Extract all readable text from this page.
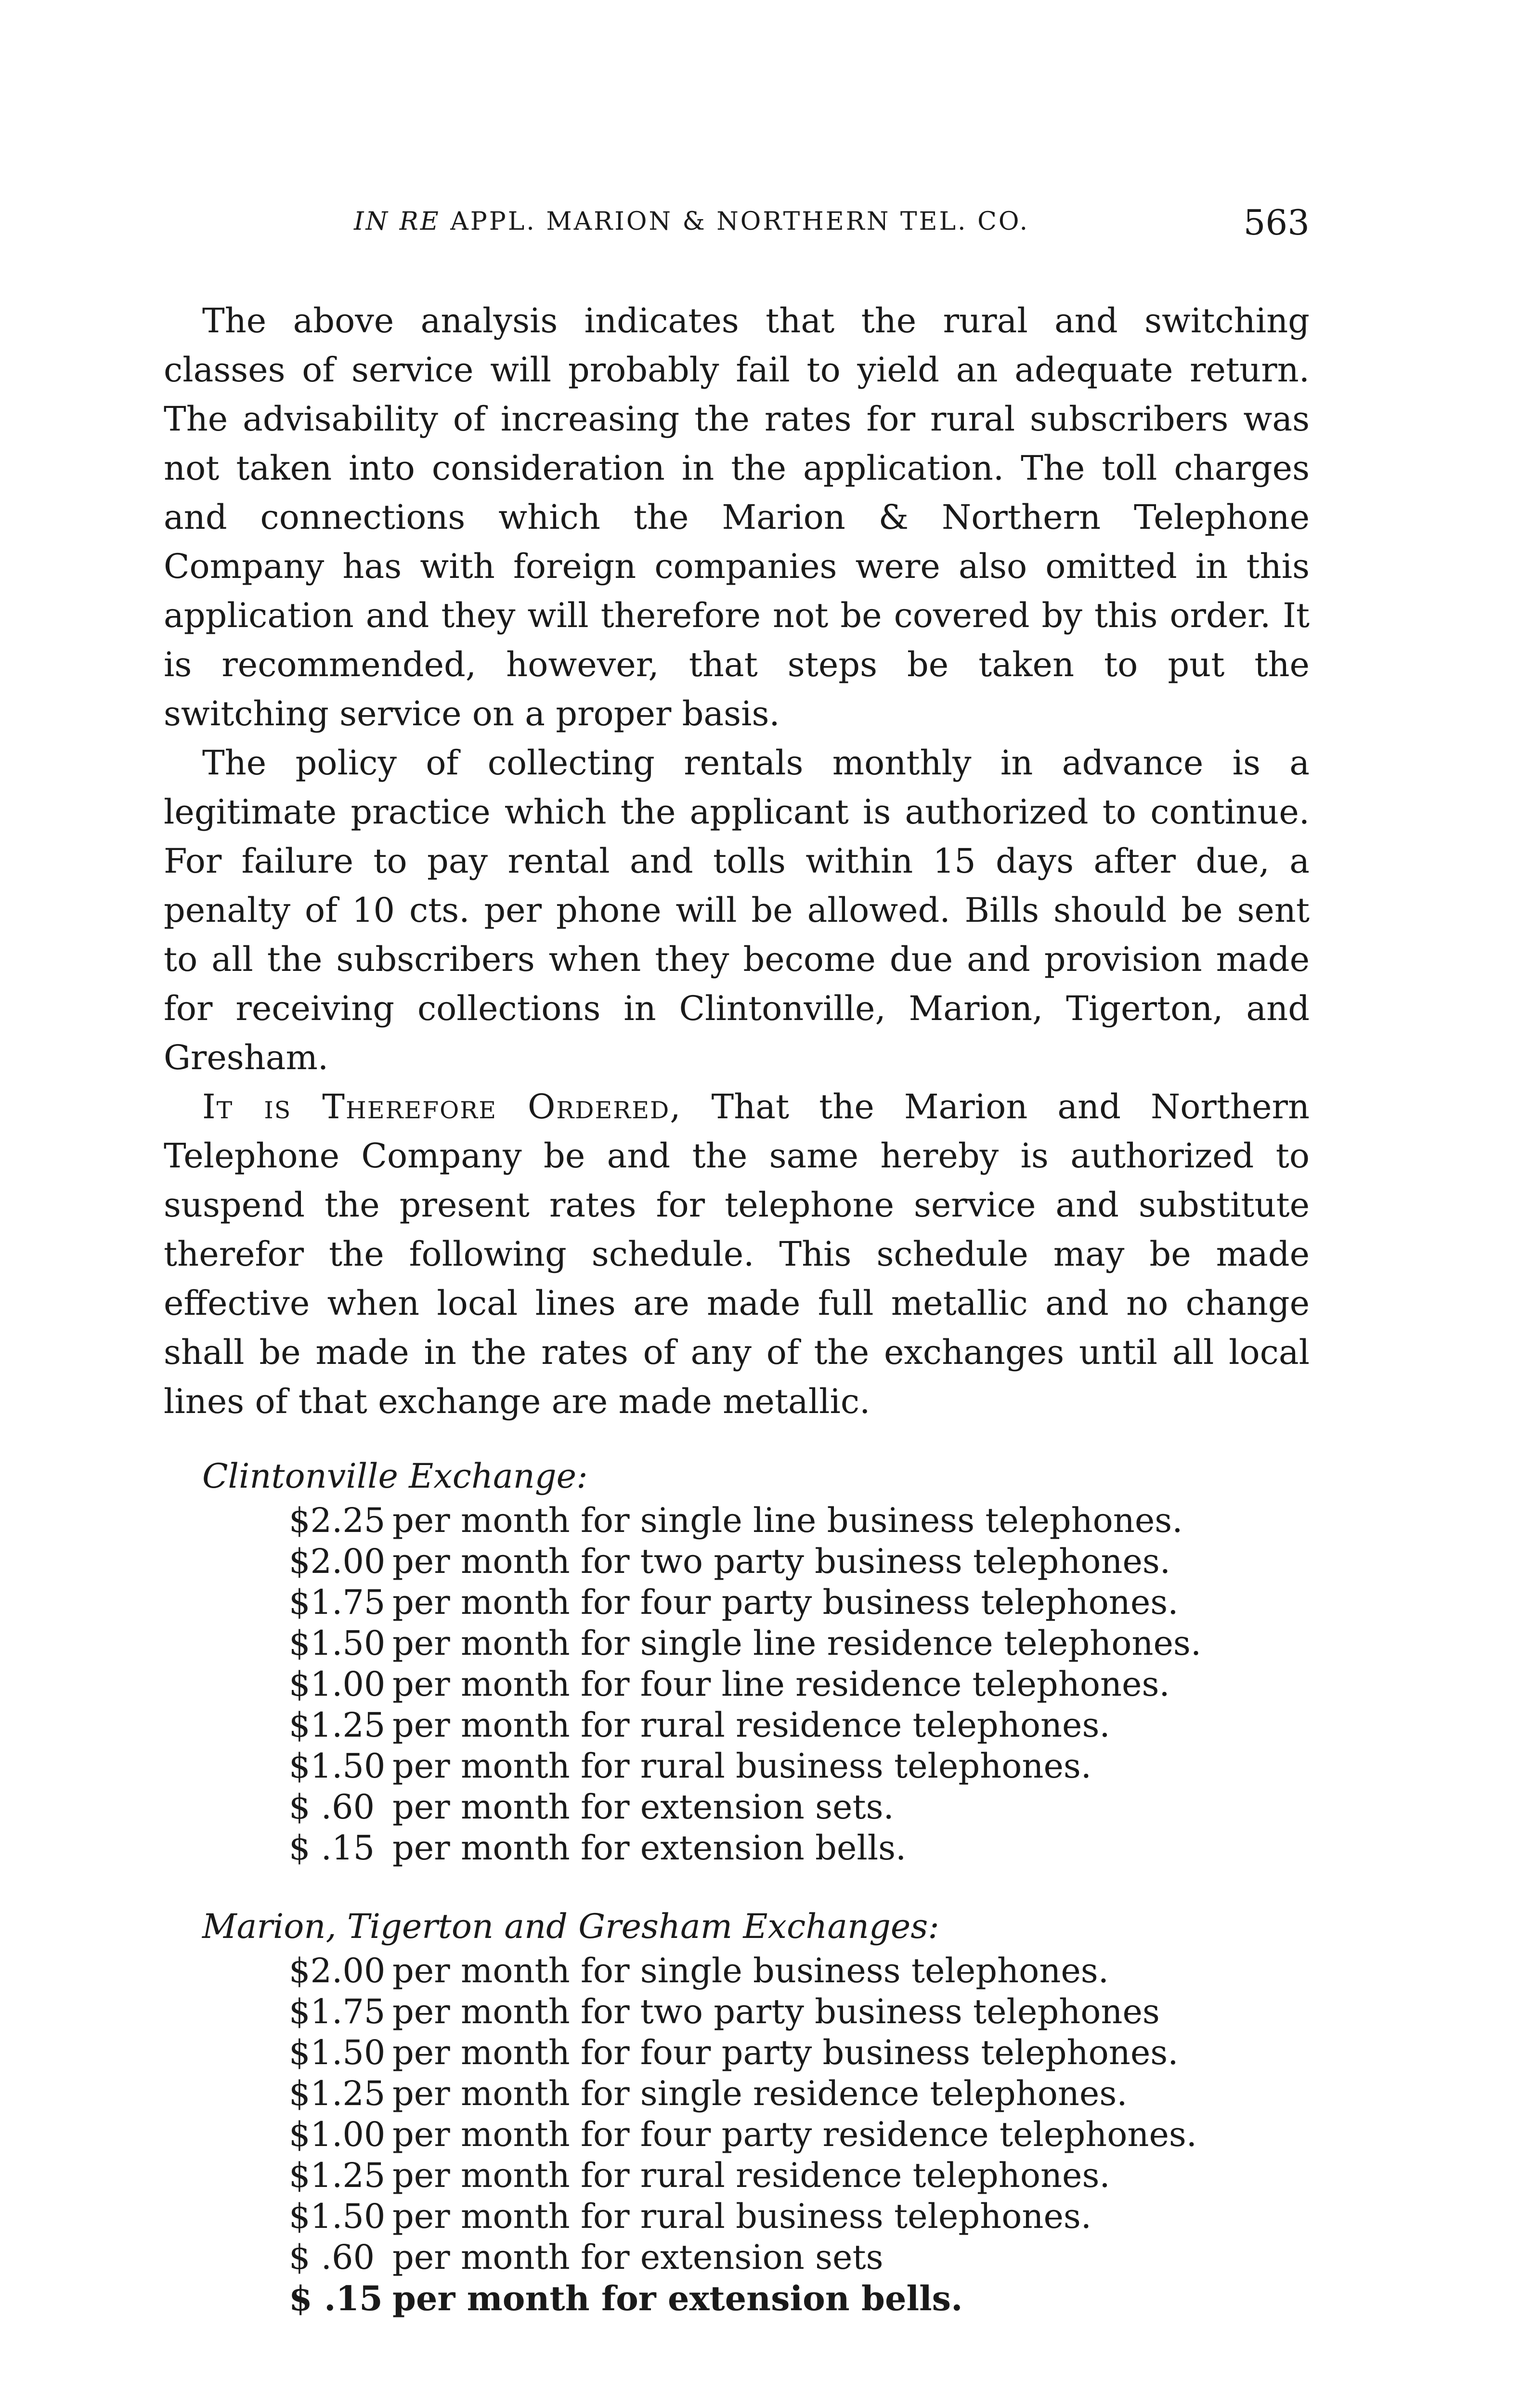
IN RE APPL. MARION & NORTHERN TEL. CO.	563

The above analysis indicates that the rural and switching classes of service will probably fail to yield an adequate return. The advisability of increasing the rates for rural subscribers was not taken into consideration in the application. The toll charges and connections which the Marion & Northern Telephone Company has with foreign companies were also omitted in this application and they will therefore not be covered by this order. It is recommended, however, that steps be taken to put the switching service on a proper basis.

The policy of collecting rentals monthly in advance is a legitimate practice which the applicant is authorized to continue. For failure to pay rental and tolls within 15 days after due, a penalty of 10 cts. per phone will be allowed. Bills should be sent to all the subscribers when they become due and provision made for receiving collections in Clintonville, Marion, Tigerton, and Gresham.

It is Therefore Ordered, That the Marion and Northern Telephone Company be and the same hereby is authorized to suspend the present rates for telephone service and substitute therefor the following schedule. This schedule may be made effective when local lines are made full metallic and no change shall be made in the rates of any of the exchanges until all local lines of that exchange are made metallic.

Clintonville Exchange:

$2.25 per month for single line business telephones.
$2.00 per month for two party business telephones.
$1.75 per month for four party business telephones.
$1.50 per month for single line residence telephones.
$1.00 per month for four line residence telephones.
$1.25 per month for rural residence telephones.
$1.50 per month for rural business telephones.
$ .60 per month for extension sets.
$ .15 per month for extension bells.

Marion, Tigerton and Gresham Exchanges:

$2.00 per month for single business telephones.
$1.75 per month for two party business telephones
$1.50 per month for four party business telephones.
$1.25 per month for single residence telephones.
$1.00 per month for four party residence telephones.
$1.25 per month for rural residence telephones.
$1.50 per month for rural business telephones.
$ .60 per month for extension sets
$ .15 per month for extension bells.
